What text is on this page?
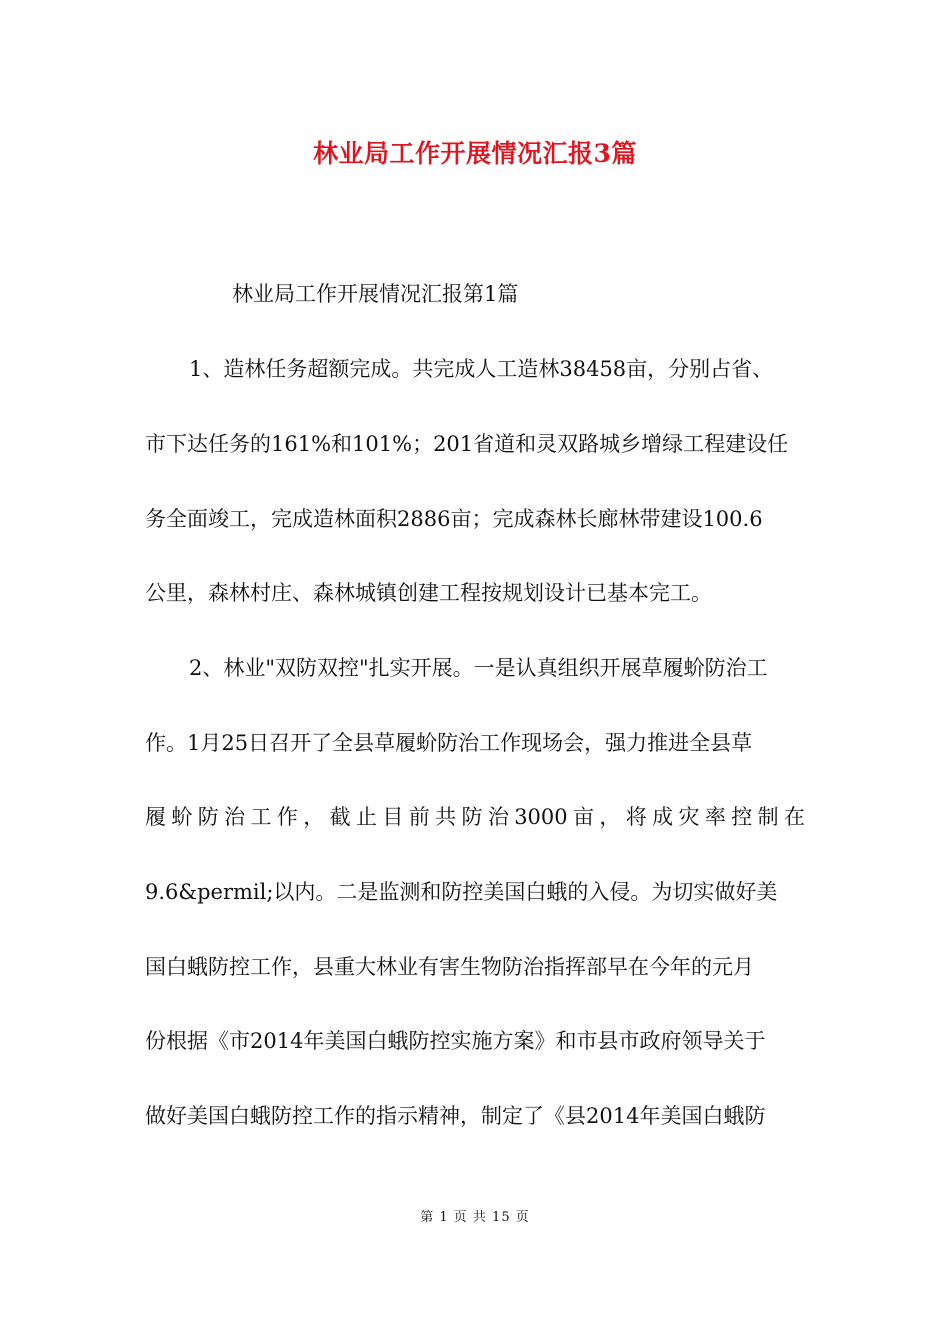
林业局工作开展情况汇报3篇
林业局工作开展情况汇报第1篇
1、造林任务超额完成。共完成人工造林38458亩，分别占省、
市下达任务的161%和101%；201省道和灵双路城乡增绿工程建设任
务全面竣工，完成造林面积2886亩；完成森林长廊林带建设100.6
公里，森林村庄、森林城镇创建工程按规划设计已基本完工。
2、林业"双防双控"扎实开展。一是认真组织开展草履蚧防治工
作。1月25日召开了全县草履蚧防治工作现场会，强力推进全县草
履蚧防治工作，截止目前共防治3000亩，将成灾率控制在
9.6&permil;以内。二是监测和防控美国白蛾的入侵。为切实做好美
国白蛾防控工作，县重大林业有害生物防治指挥部早在今年的元月
份根据《市2014年美国白蛾防控实施方案》和市县市政府领导关于
做好美国白蛾防控工作的指示精神，制定了《县2014年美国白蛾防
第 1 页 共 15 页
